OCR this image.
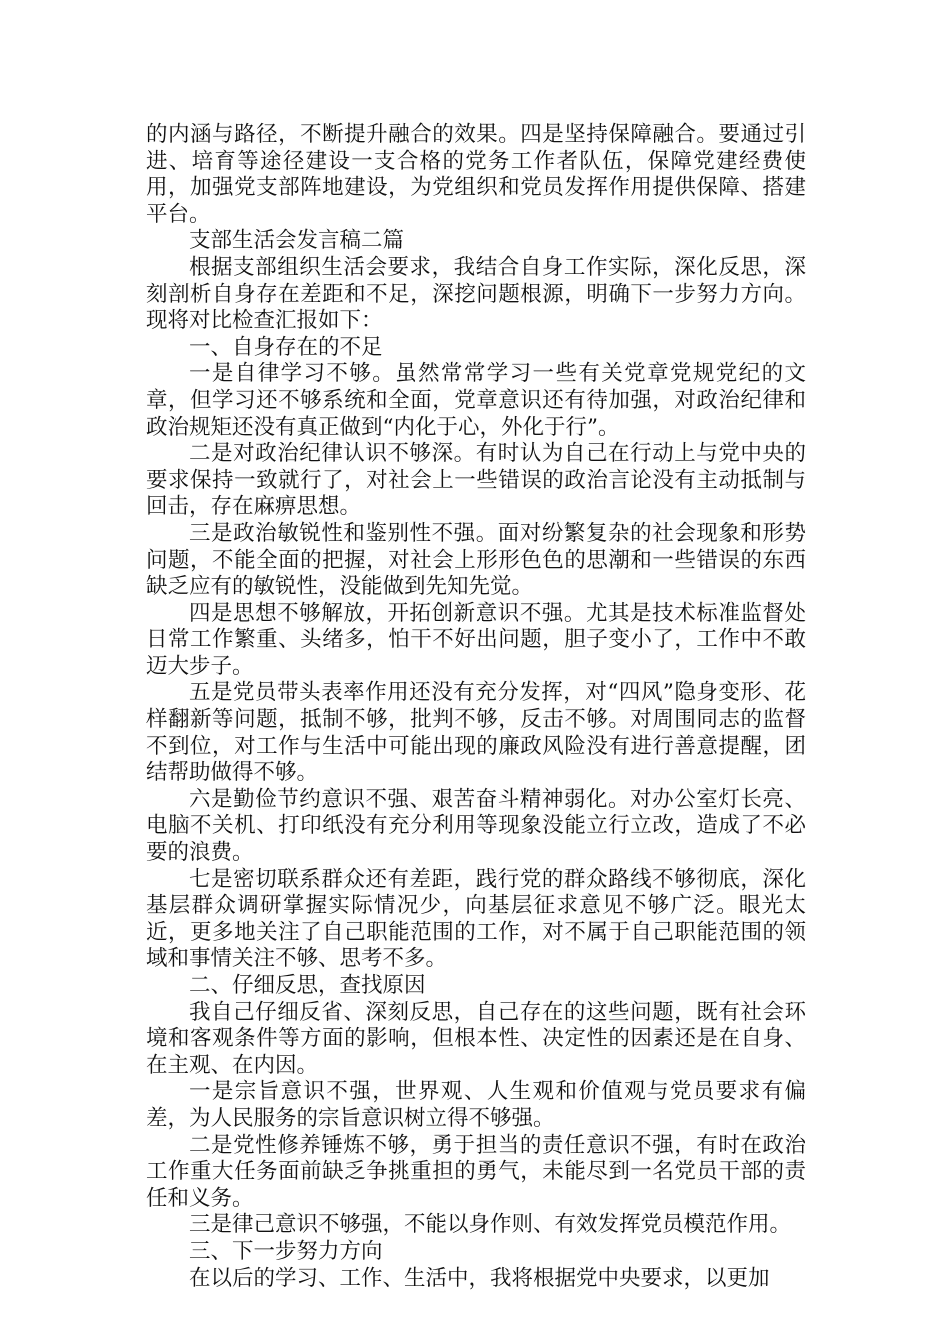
的内涵与路径，不断提升融合的效果。四是坚持保障融合。要通过引进、培育等途径建设一支合格的党务工作者队伍，保障党建经费使用，加强党支部阵地建设，为党组织和党员发挥作用提供保障、搭建平台。

支部生活会发言稿二篇

根据支部组织生活会要求，我结合自身工作实际，深化反思，深刻剖析自身存在差距和不足，深挖问题根源，明确下一步努力方向。现将对比检查汇报如下：

一、自身存在的不足

一是自律学习不够。虽然常常学习一些有关党章党规党纪的文章，但学习还不够系统和全面，党章意识还有待加强，对政治纪律和政治规矩还没有真正做到“内化于心，外化于行”。

二是对政治纪律认识不够深。有时认为自己在行动上与党中央的要求保持一致就行了，对社会上一些错误的政治言论没有主动抵制与回击，存在麻痹思想。

三是政治敏锐性和鉴别性不强。面对纷繁复杂的社会现象和形势问题，不能全面的把握，对社会上形形色色的思潮和一些错误的东西缺乏应有的敏锐性，没能做到先知先觉。

四是思想不够解放，开拓创新意识不强。尤其是技术标准监督处日常工作繁重、头绪多，怕干不好出问题，胆子变小了，工作中不敢迈大步子。

五是党员带头表率作用还没有充分发挥，对“四风”隐身变形、花样翻新等问题，抵制不够，批判不够，反击不够。对周围同志的监督不到位，对工作与生活中可能出现的廉政风险没有进行善意提醒，团结帮助做得不够。

六是勤俭节约意识不强、艰苦奋斗精神弱化。对办公室灯长亮、电脑不关机、打印纸没有充分利用等现象没能立行立改，造成了不必要的浪费。

七是密切联系群众还有差距，践行党的群众路线不够彻底，深化基层群众调研掌握实际情况少，向基层征求意见不够广泛。眼光太近，更多地关注了自己职能范围的工作，对不属于自己职能范围的领域和事情关注不够、思考不多。

二、仔细反思，查找原因

我自己仔细反省、深刻反思，自己存在的这些问题，既有社会环境和客观条件等方面的影响，但根本性、决定性的因素还是在自身、在主观、在内因。

一是宗旨意识不强，世界观、人生观和价值观与党员要求有偏差，为人民服务的宗旨意识树立得不够强。

二是党性修养锤炼不够，勇于担当的责任意识不强，有时在政治工作重大任务面前缺乏争挑重担的勇气，未能尽到一名党员干部的责任和义务。

三是律己意识不够强，不能以身作则、有效发挥党员模范作用。

三、下一步努力方向

在以后的学习、工作、生活中，我将根据党中央要求，以更加
